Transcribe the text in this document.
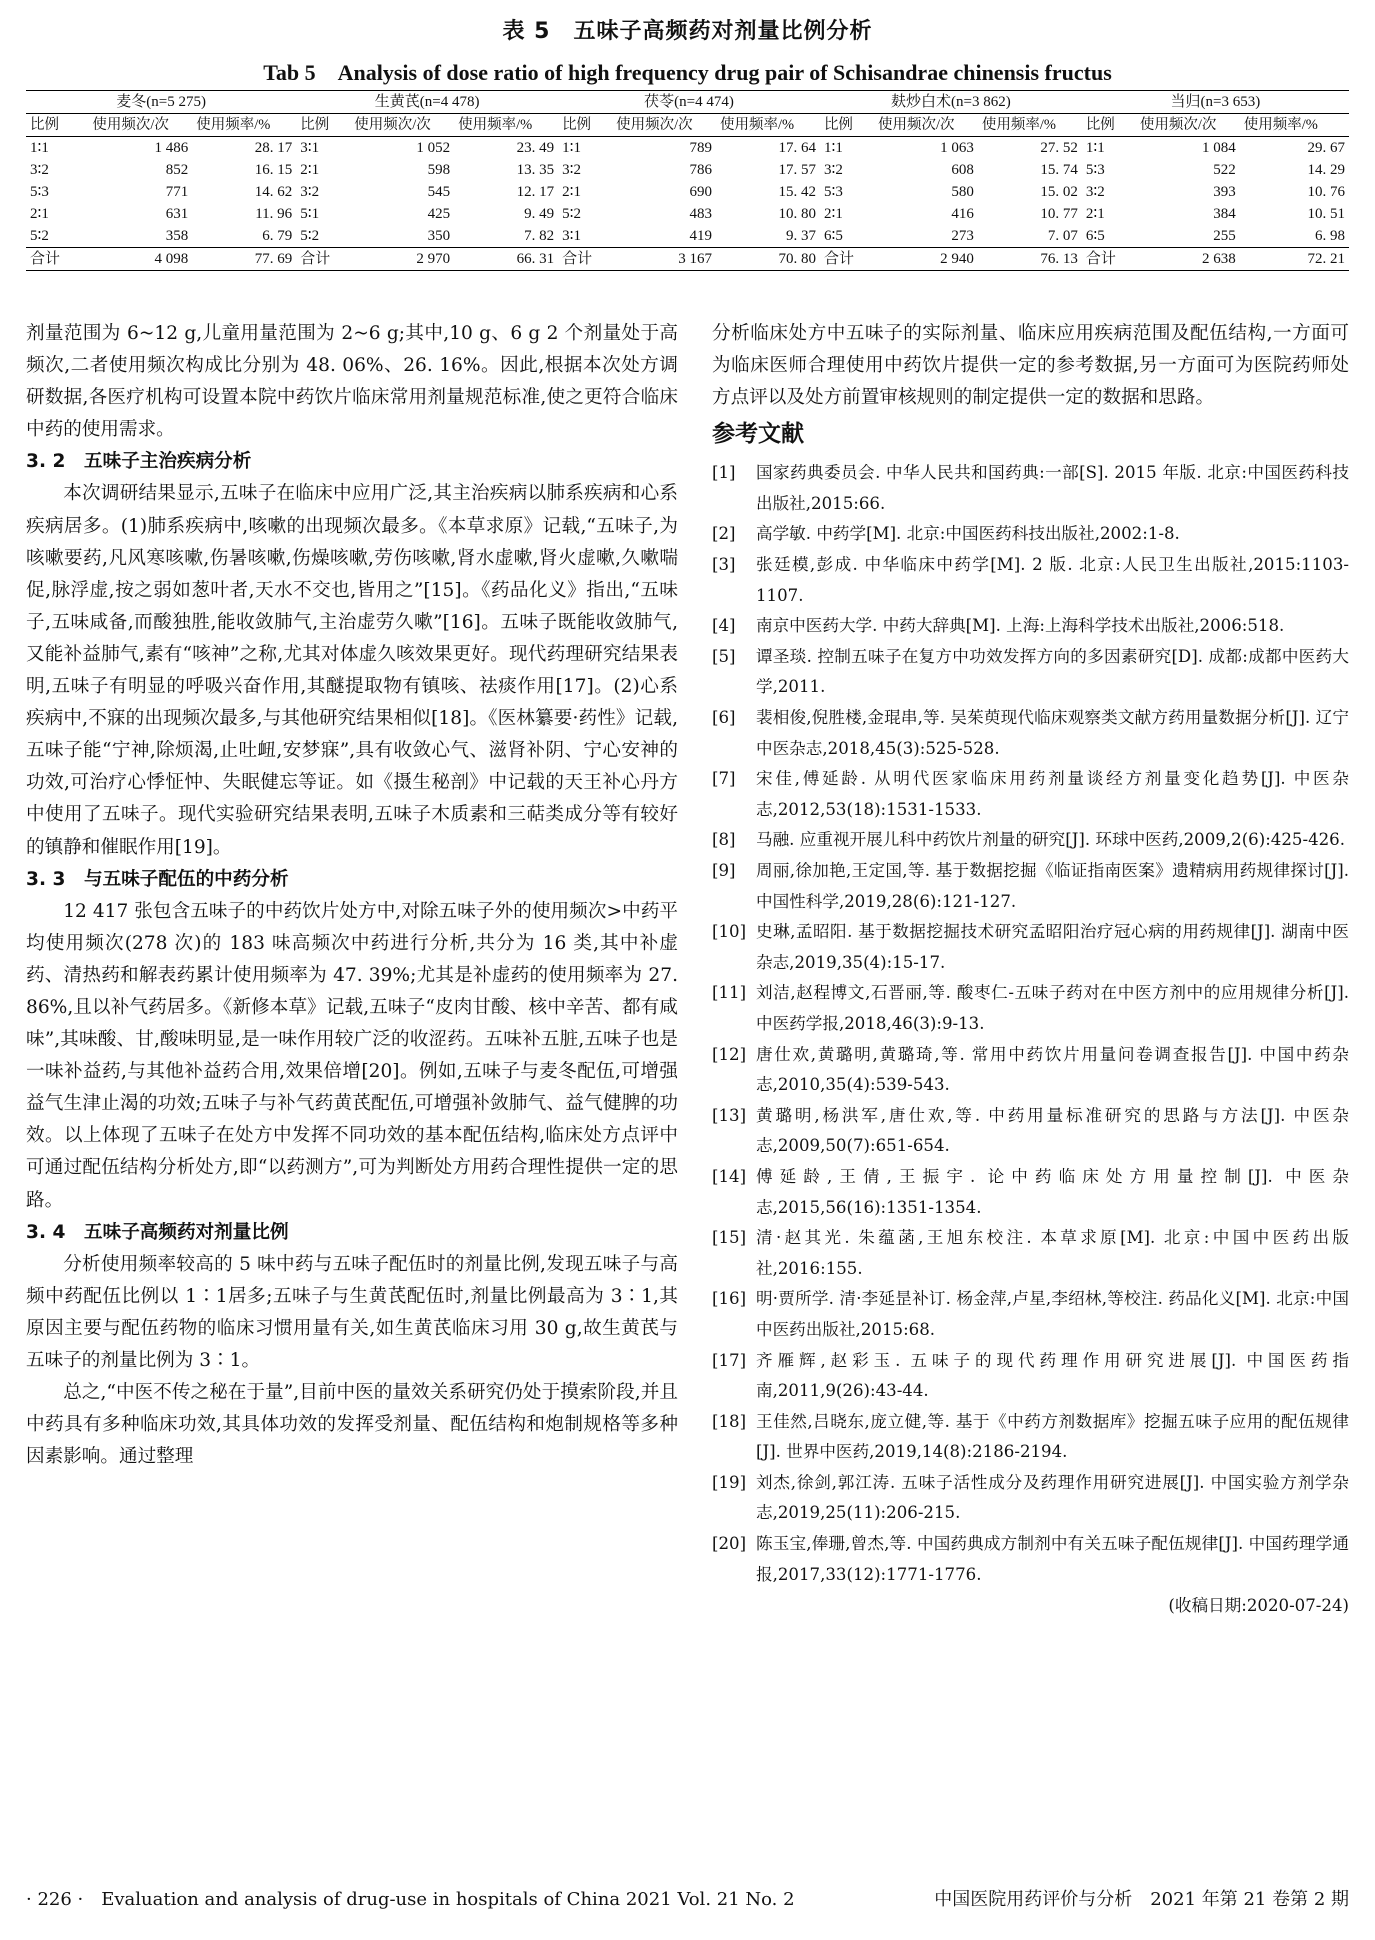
表 5　五味子高频药对剂量比例分析
Tab 5　Analysis of dose ratio of high frequency drug pair of Schisandrae chinensis fructus
麦冬(n=5 275)			生黄芪(n=4 478)			茯苓(n=4 474)			麸炒白术(n=3 862)			当归(n=3 653)		
比例	使用频次/次	使用频率/%	比例	使用频次/次	使用频率/%	比例	使用频次/次	使用频率/%	比例	使用频次/次	使用频率/%	比例	使用频次/次	使用频率/%
1∶1	1 486	28. 17	3∶1	1 052	23. 49	1∶1	789	17. 64	1∶1	1 063	27. 52	1∶1	1 084	29. 67
3∶2	852	16. 15	2∶1	598	13. 35	3∶2	786	17. 57	3∶2	608	15. 74	5∶3	522	14. 29
5∶3	771	14. 62	3∶2	545	12. 17	2∶1	690	15. 42	5∶3	580	15. 02	3∶2	393	10. 76
2∶1	631	11. 96	5∶1	425	9. 49	5∶2	483	10. 80	2∶1	416	10. 77	2∶1	384	10. 51
5∶2	358	6. 79	5∶2	350	7. 82	3∶1	419	9. 37	6∶5	273	7. 07	6∶5	255	6. 98
合计	4 098	77. 69	合计	2 970	66. 31	合计	3 167	70. 80	合计	2 940	76. 13	合计	2 638	72. 21

剂量范围为 6~12 g,儿童用量范围为 2~6 g;其中,10 g、6 g 2 个剂量处于高频次,二者使用频次构成比分别为 48. 06%、26. 16%。因此,根据本次处方调研数据,各医疗机构可设置本院中药饮片临床常用剂量规范标准,使之更符合临床中药的使用需求。

3. 2　五味子主治疾病分析

本次调研结果显示,五味子在临床中应用广泛,其主治疾病以肺系疾病和心系疾病居多。(1)肺系疾病中,咳嗽的出现频次最多。《本草求原》记载,“五味子,为咳嗽要药,凡风寒咳嗽,伤暑咳嗽,伤燥咳嗽,劳伤咳嗽,肾水虚嗽,肾火虚嗽,久嗽喘促,脉浮虚,按之弱如葱叶者,天水不交也,皆用之”[15]。《药品化义》指出,“五味子,五味咸备,而酸独胜,能收敛肺气,主治虚劳久嗽”[16]。五味子既能收敛肺气,又能补益肺气,素有“咳神”之称,尤其对体虚久咳效果更好。现代药理研究结果表明,五味子有明显的呼吸兴奋作用,其醚提取物有镇咳、祛痰作用[17]。(2)心系疾病中,不寐的出现频次最多,与其他研究结果相似[18]。《医林纂要·药性》记载,五味子能“宁神,除烦渴,止吐衄,安梦寐”,具有收敛心气、滋肾补阴、宁心安神的功效,可治疗心悸怔忡、失眠健忘等证。如《摄生秘剖》中记载的天王补心丹方中使用了五味子。现代实验研究结果表明,五味子木质素和三萜类成分等有较好的镇静和催眠作用[19]。

3. 3　与五味子配伍的中药分析

12 417 张包含五味子的中药饮片处方中,对除五味子外的使用频次>中药平均使用频次(278 次)的 183 味高频次中药进行分析,共分为 16 类,其中补虚药、清热药和解表药累计使用频率为 47. 39%;尤其是补虚药的使用频率为 27. 86%,且以补气药居多。《新修本草》记载,五味子“皮肉甘酸、核中辛苦、都有咸味”,其味酸、甘,酸味明显,是一味作用较广泛的收涩药。五味补五脏,五味子也是一味补益药,与其他补益药合用,效果倍增[20]。例如,五味子与麦冬配伍,可增强益气生津止渴的功效;五味子与补气药黄芪配伍,可增强补敛肺气、益气健脾的功效。以上体现了五味子在处方中发挥不同功效的基本配伍结构,临床处方点评中可通过配伍结构分析处方,即“以药测方”,可为判断处方用药合理性提供一定的思路。

3. 4　五味子高频药对剂量比例

分析使用频率较高的 5 味中药与五味子配伍时的剂量比例,发现五味子与高频中药配伍比例以 1∶1居多;五味子与生黄芪配伍时,剂量比例最高为 3∶1,其原因主要与配伍药物的临床习惯用量有关,如生黄芪临床习用 30 g,故生黄芪与五味子的剂量比例为 3∶1。

总之,“中医不传之秘在于量”,目前中医的量效关系研究仍处于摸索阶段,并且中药具有多种临床功效,其具体功效的发挥受剂量、配伍结构和炮制规格等多种因素影响。通过整理

分析临床处方中五味子的实际剂量、临床应用疾病范围及配伍结构,一方面可为临床医师合理使用中药饮片提供一定的参考数据,另一方面可为医院药师处方点评以及处方前置审核规则的制定提供一定的数据和思路。

参考文献
[1]	国家药典委员会. 中华人民共和国药典:一部[S]. 2015 年版. 北京:中国医药科技出版社,2015:66.
[2]	高学敏. 中药学[M]. 北京:中国医药科技出版社,2002:1-8.
[3]	张廷模,彭成. 中华临床中药学[M]. 2 版. 北京:人民卫生出版社,2015:1103-1107.
[4]	南京中医药大学. 中药大辞典[M]. 上海:上海科学技术出版社,2006:518.
[5]	谭圣琰. 控制五味子在复方中功效发挥方向的多因素研究[D]. 成都:成都中医药大学,2011.
[6]	裴相俊,倪胜楼,金琨串,等. 吴茱萸现代临床观察类文献方药用量数据分析[J]. 辽宁中医杂志,2018,45(3):525-528.
[7]	宋佳,傅延龄. 从明代医家临床用药剂量谈经方剂量变化趋势[J]. 中医杂志,2012,53(18):1531-1533.
[8]	马融. 应重视开展儿科中药饮片剂量的研究[J]. 环球中医药,2009,2(6):425-426.
[9]	周丽,徐加艳,王定国,等. 基于数据挖掘《临证指南医案》遗精病用药规律探讨[J]. 中国性科学,2019,28(6):121-127.
[10] 史琳,孟昭阳. 基于数据挖掘技术研究孟昭阳治疗冠心病的用药规律[J]. 湖南中医杂志,2019,35(4):15-17.
[11] 刘洁,赵程博文,石晋丽,等. 酸枣仁-五味子药对在中医方剂中的应用规律分析[J]. 中医药学报,2018,46(3):9-13.
[12] 唐仕欢,黄璐明,黄璐琦,等. 常用中药饮片用量问卷调查报告[J]. 中国中药杂志,2010,35(4):539-543.
[13] 黄璐明,杨洪军,唐仕欢,等. 中药用量标准研究的思路与方法[J]. 中医杂志,2009,50(7):651-654.
[14] 傅延龄,王倩,王振宇. 论中药临床处方用量控制[J]. 中医杂志,2015,56(16):1351-1354.
[15] 清·赵其光. 朱蕴菡,王旭东校注. 本草求原[M]. 北京:中国中医药出版社,2016:155.
[16] 明·贾所学. 清·李延昰补订. 杨金萍,卢星,李绍林,等校注. 药品化义[M]. 北京:中国中医药出版社,2015:68.
[17] 齐雁辉,赵彩玉. 五味子的现代药理作用研究进展[J]. 中国医药指南,2011,9(26):43-44.
[18] 王佳然,吕晓东,庞立健,等. 基于《中药方剂数据库》挖掘五味子应用的配伍规律[J]. 世界中医药,2019,14(8):2186-2194.
[19] 刘杰,徐剑,郭江涛. 五味子活性成分及药理作用研究进展[J]. 中国实验方剂学杂志,2019,25(11):206-215.
[20] 陈玉宝,俸珊,曾杰,等. 中国药典成方制剂中有关五味子配伍规律[J]. 中国药理学通报,2017,33(12):1771-1776.
(收稿日期:2020-07-24)
· 226 ·　Evaluation and analysis of drug-use in hospitals of China 2021 Vol. 21 No. 2	中国医院用药评价与分析　2021 年第 21 卷第 2 期
